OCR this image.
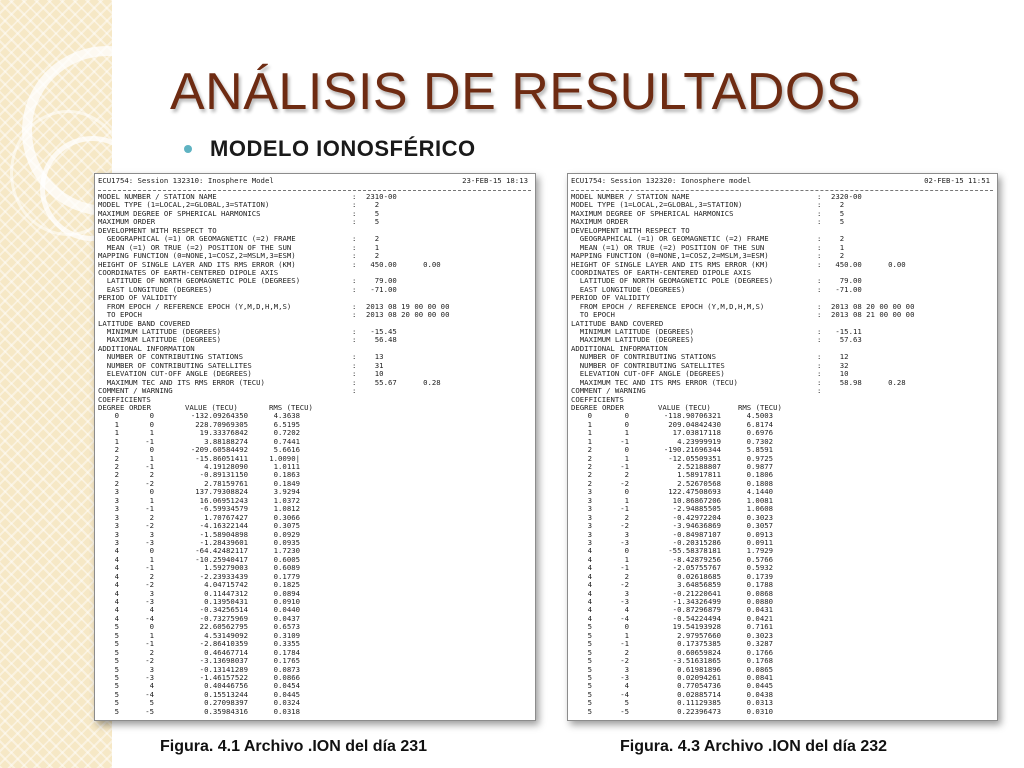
ANÁLISIS DE RESULTADOS
MODELO IONOSFÉRICO
ECU1754: Session 132310: Inosphere Model	23-FEB-15 18:13
MODEL NUMBER / STATION NAME	: 2310-00
MODEL TYPE (1=LOCAL,2=GLOBAL,3=STATION)	:  2
MAXIMUM DEGREE OF SPHERICAL HARMONICS	:  5
MAXIMUM ORDER	:  5
DEVELOPMENT WITH RESPECT TO
GEOGRAPHICAL (=1) OR GEOMAGNETIC (=2) FRAME	:  2
MEAN (=1) OR TRUE (=2) POSITION OF THE SUN	:  1
MAPPING FUNCTION (0=NONE,1=COSZ,2=MSLM,3=ESM)	:  2
HEIGHT OF SINGLE LAYER AND ITS RMS ERROR (KM)	: 450.00      0.00
COORDINATES OF EARTH-CENTERED DIPOLE AXIS
LATITUDE OF NORTH GEOMAGNETIC POLE (DEGREES)	:  79.00
EAST LONGITUDE (DEGREES)	: -71.00
PERIOD OF VALIDITY
FROM EPOCH / REFERENCE EPOCH (Y,M,D,H,M,S)	: 2013 08 19 00 00 00
TO EPOCH	: 2013 08 20 00 00 00
LATITUDE BAND COVERED
MINIMUM LATITUDE (DEGREES)	: -15.45
MAXIMUM LATITUDE (DEGREES)	:  56.48
ADDITIONAL INFORMATION
NUMBER OF CONTRIBUTING STATIONS	:  13
NUMBER OF CONTRIBUTING SATELLITES	:  31
ELEVATION CUT-OFF ANGLE (DEGREES)	:  10
MAXIMUM TEC AND ITS RMS ERROR (TECU)	:  55.67      0.28
COMMENT / WARNING	:
COEFFICIENTS
DEGREE ORDER	VALUE (TECU)	RMS (TECU)
0	0	-132.09264350	4.3638
1	0	228.70969305	6.5195
1	1	19.33376842	0.7202
1	-1	3.88188274	0.7441
2	0	-209.60584492	5.6616
2	1	-15.86051411	1.0090|
2	-1	4.19128090	1.0111
2	2	-0.89131150	0.1863
2	-2	2.78159761	0.1849
3	0	137.79308824	3.9294
3	1	16.06951243	1.0372
3	-1	-6.59934579	1.0812
3	2	1.70767427	0.3066
3	-2	-4.16322144	0.3075
3	3	-1.58904898	0.0929
3	-3	-1.28439601	0.0935
4	0	-64.42482117	1.7230
4	1	-10.25940417	0.6005
4	-1	1.59279003	0.6089
4	2	-2.23933439	0.1779
4	-2	4.04715742	0.1825
4	3	0.11447312	0.0894
4	-3	0.13950431	0.0910
4	4	-0.34256514	0.0440
4	-4	-0.73275969	0.0437
5	0	22.60562795	0.6573
5	1	4.53149092	0.3109
5	-1	-2.86410359	0.3355
5	2	0.46467714	0.1784
5	-2	-3.13698037	0.1765
5	3	-0.13141289	0.0873
5	-3	-1.46157522	0.0866
5	4	0.40446756	0.0454
5	-4	0.15513244	0.0445
5	5	0.27098397	0.0324
5	-5	0.35984316	0.0318
ECU1754: Session 132320: Ionosphere model	02-FEB-15 11:51
MODEL NUMBER / STATION NAME	: 2320-00
MODEL TYPE (1=LOCAL,2=GLOBAL,3=STATION)	:  2
MAXIMUM DEGREE OF SPHERICAL HARMONICS	:  5
MAXIMUM ORDER	:  5
DEVELOPMENT WITH RESPECT TO
GEOGRAPHICAL (=1) OR GEOMAGNETIC (=2) FRAME	:  2
MEAN (=1) OR TRUE (=2) POSITION OF THE SUN	:  1
MAPPING FUNCTION (0=NONE,1=COSZ,2=MSLM,3=ESM)	:  2
HEIGHT OF SINGLE LAYER AND ITS RMS ERROR (KM)	: 450.00      0.00
COORDINATES OF EARTH-CENTERED DIPOLE AXIS
LATITUDE OF NORTH GEOMAGNETIC POLE (DEGREES)	:  79.00
EAST LONGITUDE (DEGREES)	: -71.00
PERIOD OF VALIDITY
FROM EPOCH / REFERENCE EPOCH (Y,M,D,H,M,S)	: 2013 08 20 00 00 00
TO EPOCH	: 2013 08 21 00 00 00
LATITUDE BAND COVERED
MINIMUM LATITUDE (DEGREES)	: -15.11
MAXIMUM LATITUDE (DEGREES)	:  57.63
ADDITIONAL INFORMATION
NUMBER OF CONTRIBUTING STATIONS	:  12
NUMBER OF CONTRIBUTING SATELLITES	:  32
ELEVATION CUT-OFF ANGLE (DEGREES)	:  10
MAXIMUM TEC AND ITS RMS ERROR (TECU)	:  58.98      0.28
COMMENT / WARNING	:
COEFFICIENTS
DEGREE ORDER	VALUE (TECU)	RMS (TECU)
0	0	-118.90706321	4.5003
1	0	209.04842430	6.8174
1	1	17.03817118	0.6976
1	-1	4.23999919	0.7302
2	0	-190.21696344	5.8591
2	1	-12.05509351	0.9725
2	-1	2.52188807	0.9877
2	2	1.58917811	0.1806
2	-2	2.52670568	0.1808
3	0	122.47508693	4.1440
3	1	10.86867206	1.0081
3	-1	-2.94885505	1.0608
3	2	-0.42972204	0.3023
3	-2	-3.94636869	0.3057
3	3	-0.84987107	0.0913
3	-3	-0.20315286	0.0911
4	0	-55.58378181	1.7929
4	1	-8.42879256	0.5766
4	-1	-2.05755767	0.5932
4	2	0.02618685	0.1739
4	-2	3.64856859	0.1788
4	3	-0.21220641	0.0868
4	-3	-1.34326499	0.0880
4	4	-0.87296879	0.0431
4	-4	-0.54224494	0.0421
5	0	19.54193928	0.7161
5	1	2.97957660	0.3023
5	-1	0.17375385	0.3287
5	2	0.60659824	0.1766
5	-2	-3.51631865	0.1768
5	3	0.61981896	0.0865
5	-3	0.02094261	0.0841
5	4	0.77054736	0.0445
5	-4	0.02885714	0.0438
5	5	0.11129385	0.0313
5	-5	0.22396473	0.0310
Figura. 4.1 Archivo .ION del día 231	Figura. 4.3 Archivo .ION del día 232
